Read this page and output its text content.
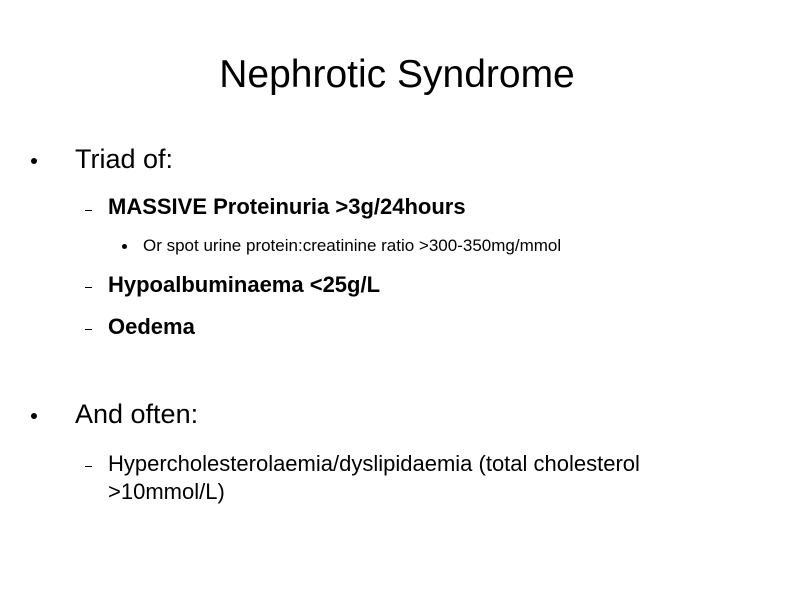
Nephrotic Syndrome
Triad of:
MASSIVE Proteinuria >3g/24hours
Or spot urine protein:creatinine ratio >300-350mg/mmol
Hypoalbuminaema <25g/L
Oedema
And often:
Hypercholesterolaemia/dyslipidaemia (total cholesterol >10mmol/L)
